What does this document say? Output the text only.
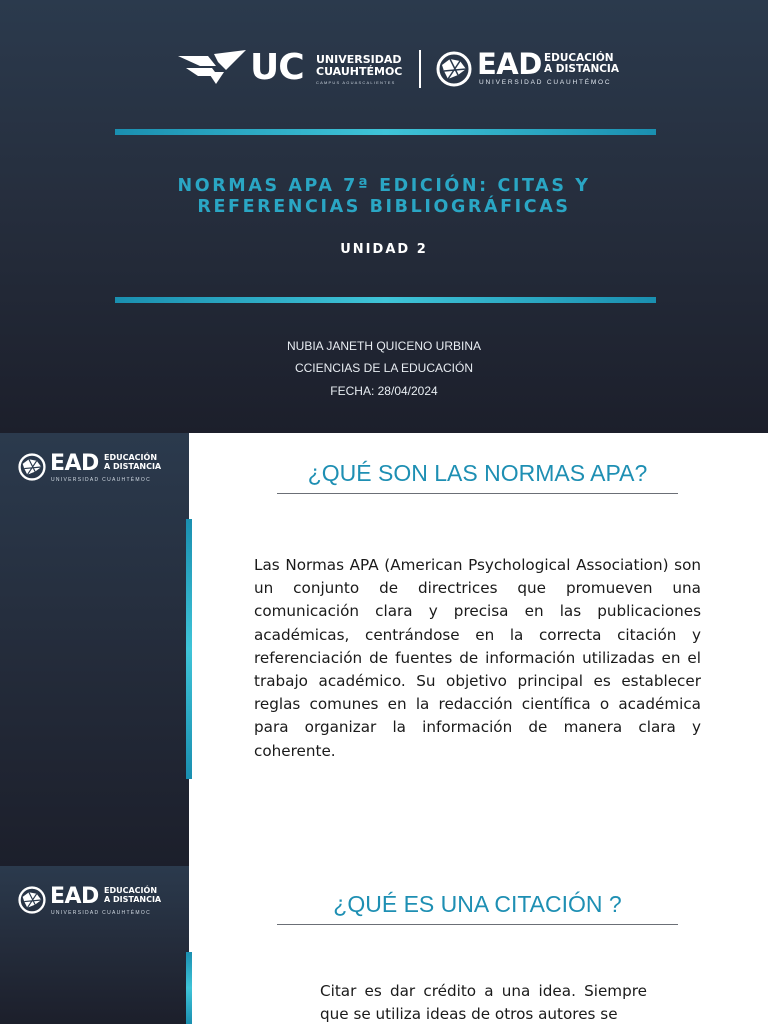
UC UNIVERSIDAD
CUAUHTÉMOC
CAMPUS AGUASCALIENTES
EAD EDUCACIÓN
A DISTANCIA
UNIVERSIDAD CUAUHTÉMOC
NORMAS APA 7ª EDICIÓN: CITAS Y REFERENCIAS BIBLIOGRÁFICAS
UNIDAD 2
NUBIA JANETH QUICENO URBINA
CCIENCIAS DE LA EDUCACIÓN
FECHA: 28/04/2024
EAD EDUCACIÓN
A DISTANCIA
UNIVERSIDAD CUAUHTÉMOC	¿QUÉ SON LAS NORMAS APA?
Las Normas APA (American Psychological Association) son un conjunto de directrices que promueven una comunicación clara y precisa en las publicaciones académicas, centrándose en la correcta citación y referenciación de fuentes de información utilizadas en el trabajo académico. Su objetivo principal es establecer reglas comunes en la redacción científica o académica para organizar la información de manera clara y coherente.
EAD EDUCACIÓN
A DISTANCIA
UNIVERSIDAD CUAUHTÉMOC	¿QUÉ ES UNA CITACIÓN ?
Citar es dar crédito a una idea. Siempre que se utiliza ideas de otros autores se
